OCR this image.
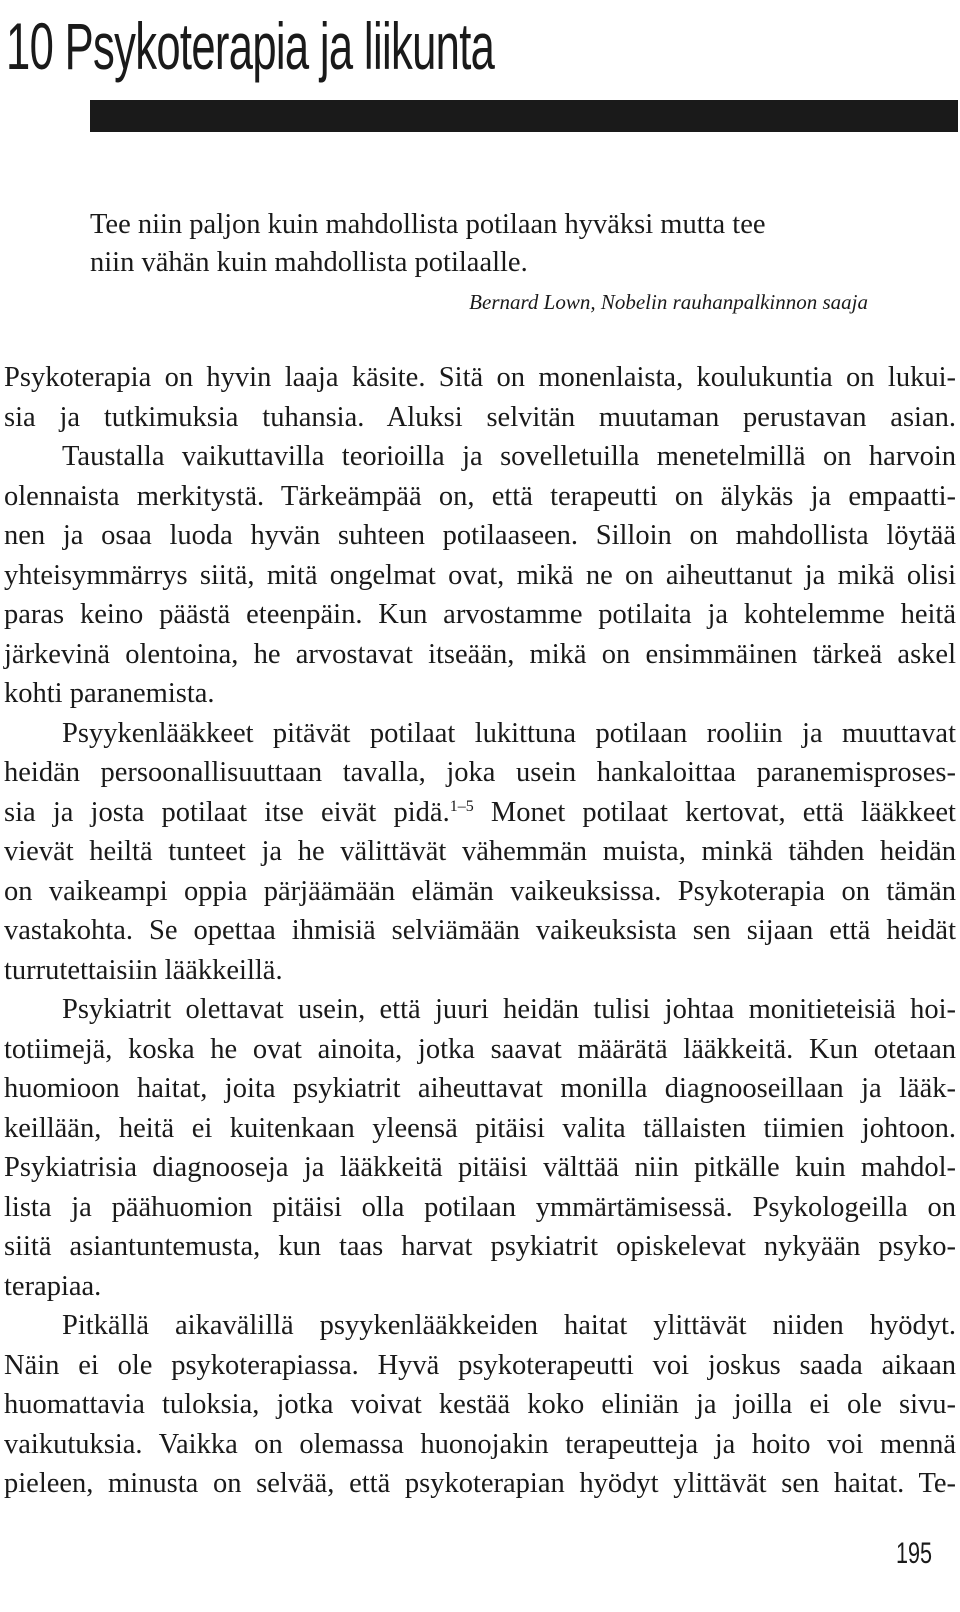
10 Psykoterapia ja liikunta

Tee niin paljon kuin mahdollista potilaan hyväksi mutta tee

niin vähän kuin mahdollista potilaalle.

Bernard Lown, Nobelin rauhanpalkinnon saaja

Psykoterapia on hyvin laaja käsite. Sitä on monenlaista, koulukuntia on lukui-
sia ja tutkimuksia tuhansia. Aluksi selvitän muutaman perustavan asian.
Taustalla vaikuttavilla teorioilla ja sovelletuilla menetelmillä on harvoin
olennaista merkitystä. Tärkeämpää on, että terapeutti on älykäs ja empaatti-
nen ja osaa luoda hyvän suhteen potilaaseen. Silloin on mahdollista löytää
yhteisymmärrys siitä, mitä ongelmat ovat, mikä ne on aiheuttanut ja mikä olisi
paras keino päästä eteenpäin. Kun arvostamme potilaita ja kohtelemme heitä
järkevinä olentoina, he arvostavat itseään, mikä on ensimmäinen tärkeä askel
kohti paranemista.

Psyykenlääkkeet pitävät potilaat lukittuna potilaan rooliin ja muuttavat
heidän persoonallisuuttaan tavalla, joka usein hankaloittaa paranemisproses-
sia ja josta potilaat itse eivät pidä.$^{1-5}$ Monet potilaat kertovat, että lääkkeet
vievät heiltä tunteet ja he välittävät vähemmän muista, minkä tähden heidän
on vaikeampi oppia pärjäämään elämän vaikeuksissa. Psykoterapia on tämän
vastakohta. Se opettaa ihmisiä selviämään vaikeuksista sen sijaan että heidät
turrutettaisiin lääkkeillä.

Psykiatrit olettavat usein, että juuri heidän tulisi johtaa monitieteisiä hoi-
totiimejä, koska he ovat ainoita, jotka saavat määrätä lääkkeitä. Kun otetaan
huomioon haitat, joita psykiatrit aiheuttavat monilla diagnooseillaan ja lääk-
keillään, heitä ei kuitenkaan yleensä pitäisi valita tällaisten tiimien johtoon.
Psykiatrisia diagnooseja ja lääkkeitä pitäisi välttää niin pitkälle kuin mahdol-
lista ja päähuomion pitäisi olla potilaan ymmärtämisessä. Psykologeilla on
siitä asiantuntemusta, kun taas harvat psykiatrit opiskelevat nykyään psyko-
terapiaa.

Pitkällä aikavälillä psyykenlääkkeiden haitat ylittävät niiden hyödyt.
Näin ei ole psykoterapiassa. Hyvä psykoterapeutti voi joskus saada aikaan
huomattavia tuloksia, jotka voivat kestää koko eliniän ja joilla ei ole sivu-
vaikutuksia. Vaikka on olemassa huonojakin terapeutteja ja hoito voi mennä
pieleen, minusta on selvää, että psykoterapian hyödyt ylittävät sen haitat. Te-

195
